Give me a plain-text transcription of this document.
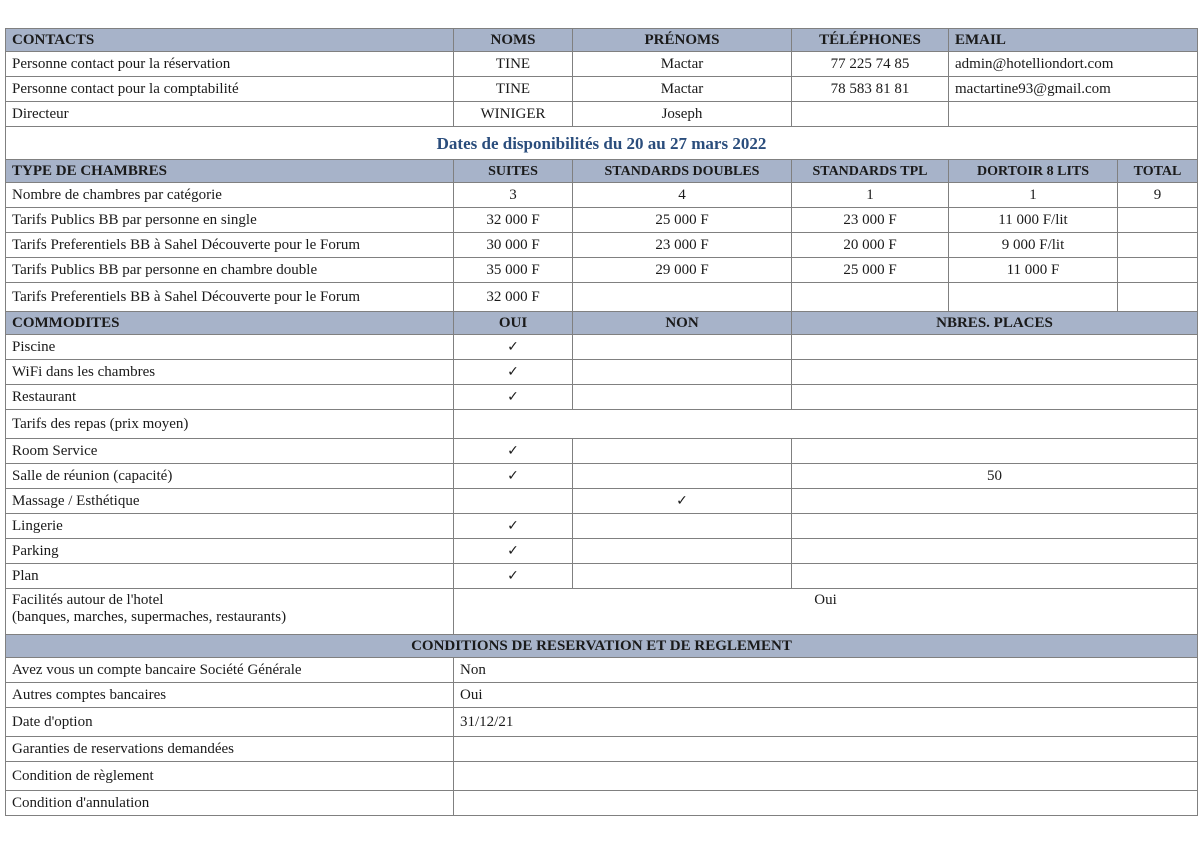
CONTACTS	NOMS	PRÉNOMS	TÉLÉPHONES	EMAIL	
Personne contact pour la réservation	TINE	Mactar	77 225 74 85	admin@hotelliondort.com	
Personne contact pour la comptabilité	TINE	Mactar	78 583 81 81	mactartine93@gmail.com	
Directeur	WINIGER	Joseph			
Dates de disponibilités du 20 au 27 mars 2022					
TYPE DE CHAMBRES	SUITES	STANDARDS DOUBLES	STANDARDS TPL	DORTOIR 8 LITS	TOTAL
Nombre de chambres par catégorie	3	4	1	1	9
Tarifs Publics BB par personne en single	32 000 F	25 000 F	23 000 F	11 000 F/lit	
Tarifs Preferentiels BB à Sahel Découverte pour le Forum	30 000 F	23 000 F	20 000 F	9 000 F/lit	
Tarifs Publics BB par personne en chambre double	35 000 F	29 000 F	25 000 F	11 000 F	
Tarifs Preferentiels BB à Sahel Découverte pour le Forum	32 000 F				
COMMODITES	OUI	NON	NBRES. PLACES		
Piscine	✓		
WiFi dans les chambres	✓		
Restaurant	✓		
Tarifs des repas (prix moyen)					
Room Service	✓		
Salle de réunion (capacité)	✓		50		
Massage / Esthétique		✓	
Lingerie	✓		
Parking	✓		
Plan	✓		

Facilités autour de l'hotel
(banques, marches, supermaches, restaurants)	Oui				
CONDITIONS DE RESERVATION ET DE REGLEMENT					
Avez vous un compte bancaire Société Générale	Non				
Autres comptes bancaires	Oui				
Date d'option	31/12/21				
Garanties de reservations demandées					
Condition de règlement					
Condition d'annulation					
